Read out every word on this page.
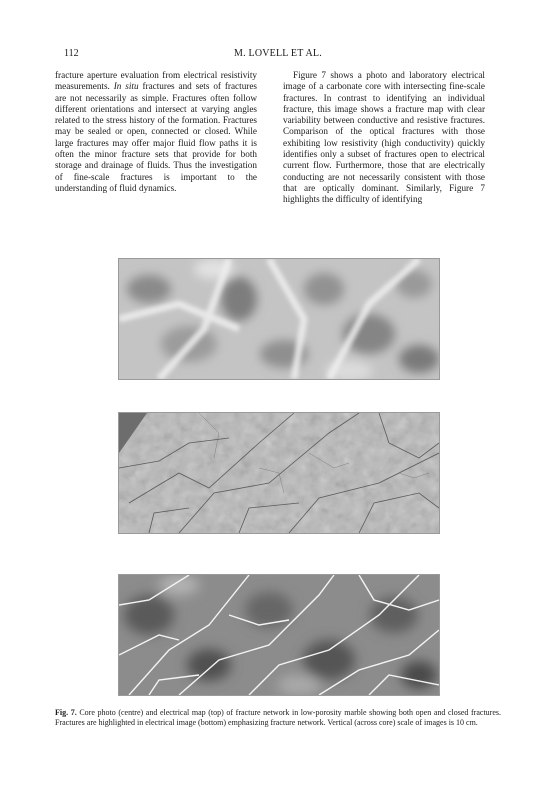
112	M. LOVELL ET AL.

fracture aperture evaluation from electrical resistivity measurements. In situ fractures and sets of fractures are not necessarily as simple. Fractures often follow different orientations and intersect at varying angles related to the stress history of the formation. Fractures may be sealed or open, connected or closed. While large fractures may offer major fluid flow paths it is often the minor fracture sets that provide for both storage and drainage of fluids. Thus the investigation of fine-scale fractures is important to the understanding of fluid dynamics.

Figure 7 shows a photo and laboratory electrical image of a carbonate core with intersecting fine-scale fractures. In contrast to identifying an individual fracture, this image shows a fracture map with clear variability between conductive and resistive fractures. Comparison of the optical fractures with those exhibiting low resistivity (high conductivity) quickly identifies only a subset of fractures open to electrical current flow. Furthermore, those that are electrically conducting are not necessarily consistent with those that are optically dominant. Similarly, Figure 7 highlights the difficulty of identifying

Fig. 7. Core photo (centre) and electrical map (top) of fracture network in low-porosity marble showing both open and closed fractures. Fractures are highlighted in electrical image (bottom) emphasizing fracture network. Vertical (across core) scale of images is 10 cm.
